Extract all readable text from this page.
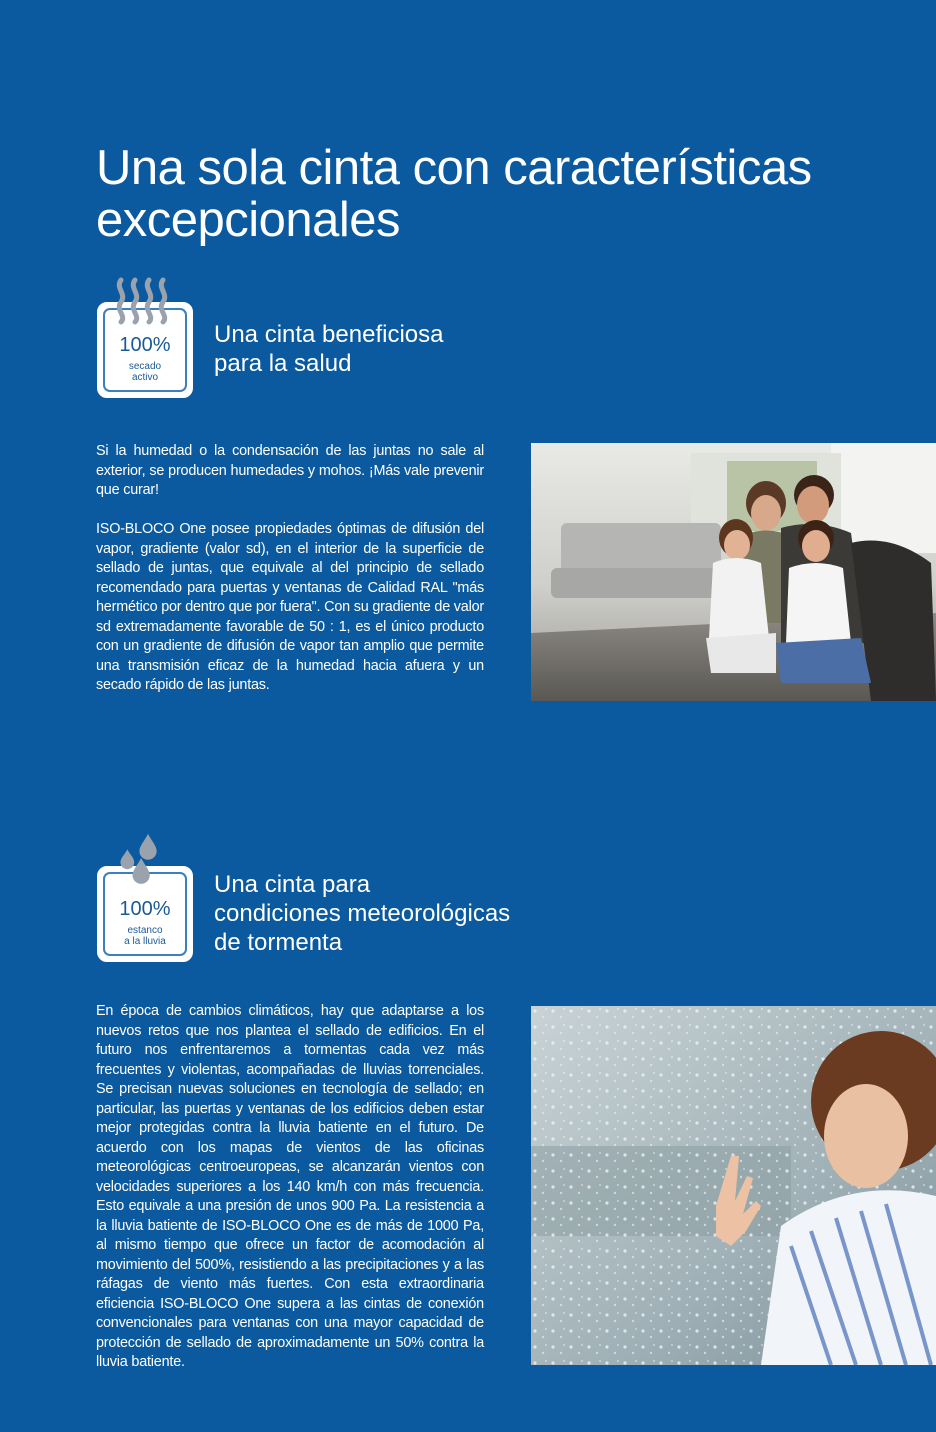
Una sola cinta con características
excepcionales
100%
secado
activo
Una cinta beneficiosa
para la salud

Si la humedad o la condensación de las juntas no sale al exterior, se producen humedades y mohos. ¡Más vale prevenir que curar!

ISO-BLOCO One posee propiedades óptimas de difusión del vapor, gradiente (valor sd), en el interior de la superficie de sellado de juntas, que equivale al del principio de sellado recomendado para puertas y ventanas de Calidad RAL "más hermético por dentro que por fuera". Con su gradiente de valor sd extremadamente favorable de 50 : 1, es el único producto con un gradiente de difusión de vapor tan amplio que permite una transmisión eficaz de la humedad hacia afuera y un secado rápido de las juntas.

100%
estanco
a la lluvia
Una cinta para
condiciones meteorológicas
de tormenta

En época de cambios climáticos, hay que adaptarse a los nuevos retos que nos plantea el sellado de edificios. En el futuro nos enfrentaremos a tormentas cada vez más frecuentes y violentas, acompañadas de lluvias torrenciales. Se precisan nuevas soluciones en tecnología de sellado; en particular, las puertas y ventanas de los edificios deben estar mejor protegidas contra la lluvia batiente en el futuro. De acuerdo con los mapas de vientos de las oficinas meteorológicas centroeuropeas, se alcanzarán vientos con velocidades superiores a los 140 km/h con más frecuencia. Esto equivale a una presión de unos 900 Pa. La resistencia a la lluvia batiente de ISO-BLOCO One es de más de 1000 Pa, al mismo tiempo que ofrece un factor de acomodación al movimiento del 500%, resistiendo a las precipitaciones y a las ráfagas de viento más fuertes. Con esta extraordinaria eficiencia ISO-BLOCO One supera a las cintas de conexión convencionales para ventanas con una mayor capacidad de protección de sellado de aproximadamente un 50% contra la lluvia batiente.
